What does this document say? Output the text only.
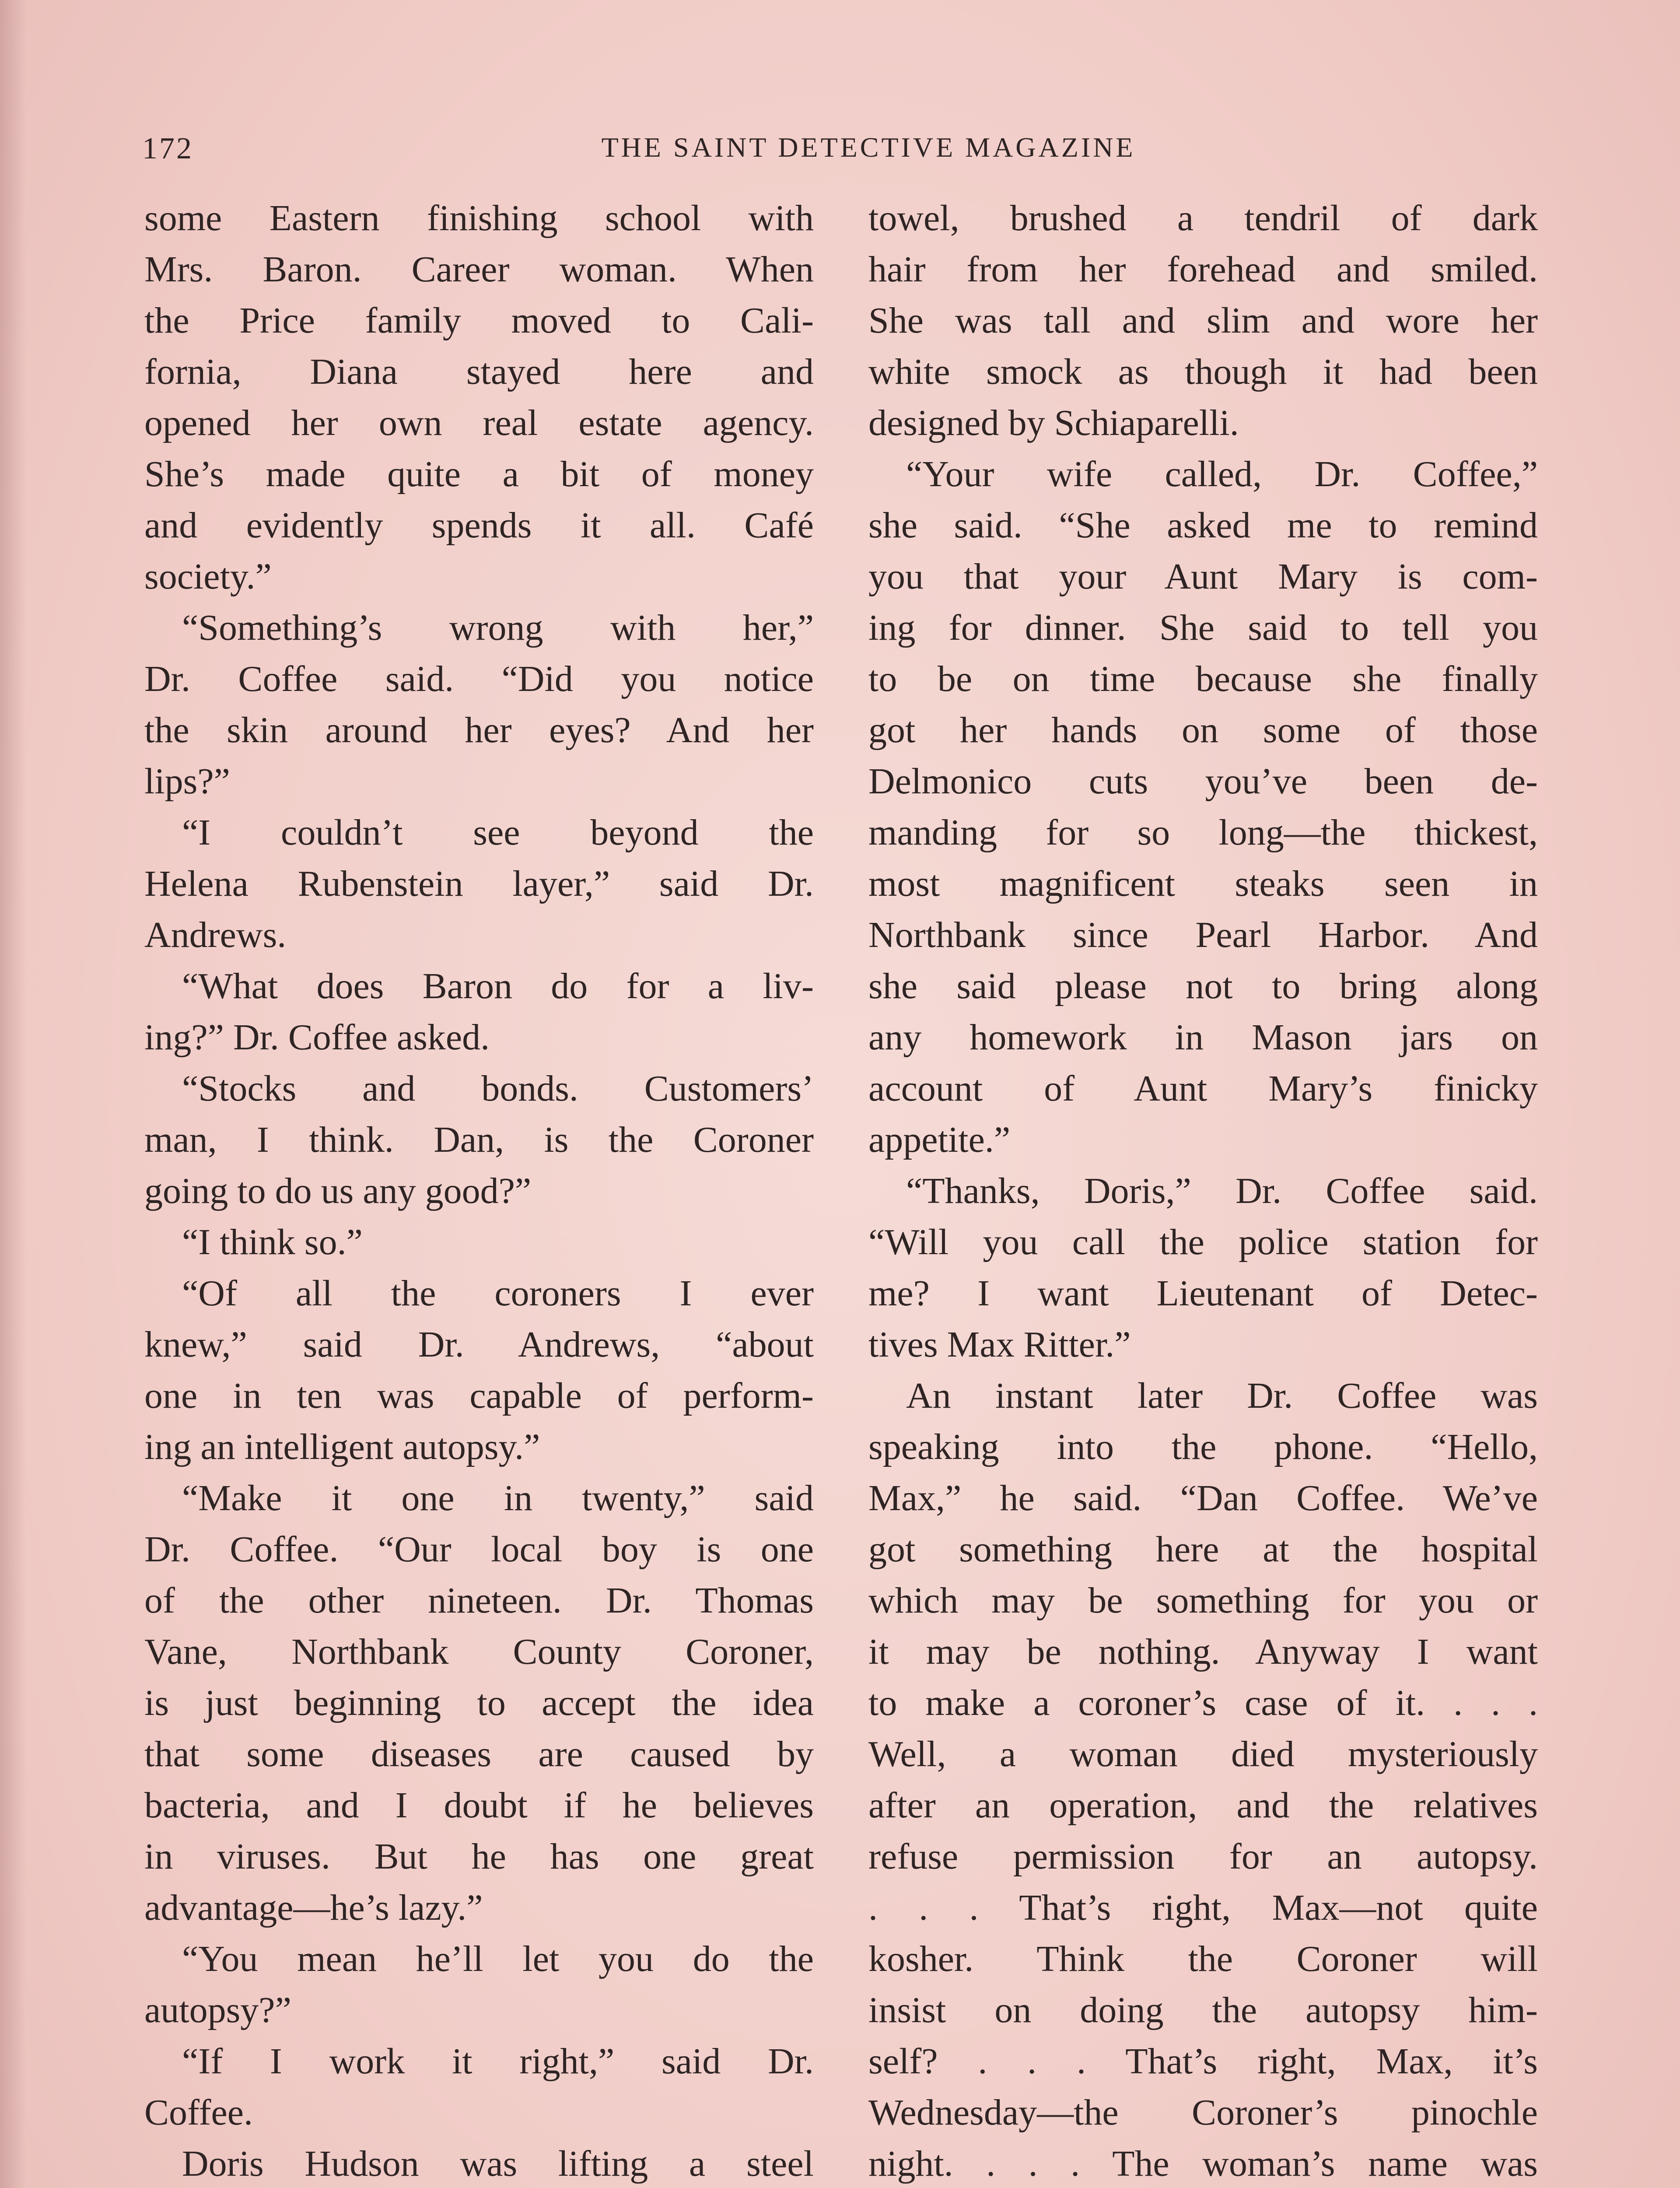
172	THE SAINT DETECTIVE MAGAZINE
some Eastern finishing school with
Mrs. Baron. Career woman. When
the Price family moved to Cali-
fornia, Diana stayed here and
opened her own real estate agency.
She’s made quite a bit of money
and evidently spends it all. Café
society.”
“Something’s wrong with her,”
Dr. Coffee said. “Did you notice
the skin around her eyes? And her
lips?”
“I couldn’t see beyond the
Helena Rubenstein layer,” said Dr.
Andrews.
“What does Baron do for a liv-
ing?” Dr. Coffee asked.
“Stocks and bonds. Customers’
man, I think. Dan, is the Coroner
going to do us any good?”
“I think so.”
“Of all the coroners I ever
knew,” said Dr. Andrews, “about
one in ten was capable of perform-
ing an intelligent autopsy.”
“Make it one in twenty,” said
Dr. Coffee. “Our local boy is one
of the other nineteen. Dr. Thomas
Vane, Northbank County Coroner,
is just beginning to accept the idea
that some diseases are caused by
bacteria, and I doubt if he believes
in viruses. But he has one great
advantage—he’s lazy.”
“You mean he’ll let you do the
autopsy?”
“If I work it right,” said Dr.
Coffee.
Doris Hudson was lifting a steel
towel, brushed a tendril of dark
hair from her forehead and smiled.
She was tall and slim and wore her
white smock as though it had been
designed by Schiaparelli.
“Your wife called, Dr. Coffee,”
she said. “She asked me to remind
you that your Aunt Mary is com-
ing for dinner. She said to tell you
to be on time because she finally
got her hands on some of those
Delmonico cuts you’ve been de-
manding for so long—the thickest,
most magnificent steaks seen in
Northbank since Pearl Harbor. And
she said please not to bring along
any homework in Mason jars on
account of Aunt Mary’s finicky
appetite.”
“Thanks, Doris,” Dr. Coffee said.
“Will you call the police station for
me? I want Lieutenant of Detec-
tives Max Ritter.”
An instant later Dr. Coffee was
speaking into the phone. “Hello,
Max,” he said. “Dan Coffee. We’ve
got something here at the hospital
which may be something for you or
it may be nothing. Anyway I want
to make a coroner’s case of it. . . .
Well, a woman died mysteriously
after an operation, and the relatives
refuse permission for an autopsy.
. . . That’s right, Max—not quite
kosher. Think the Coroner will
insist on doing the autopsy him-
self? . . . That’s right, Max, it’s
Wednesday—the Coroner’s pinochle
night. . . . The woman’s name was
